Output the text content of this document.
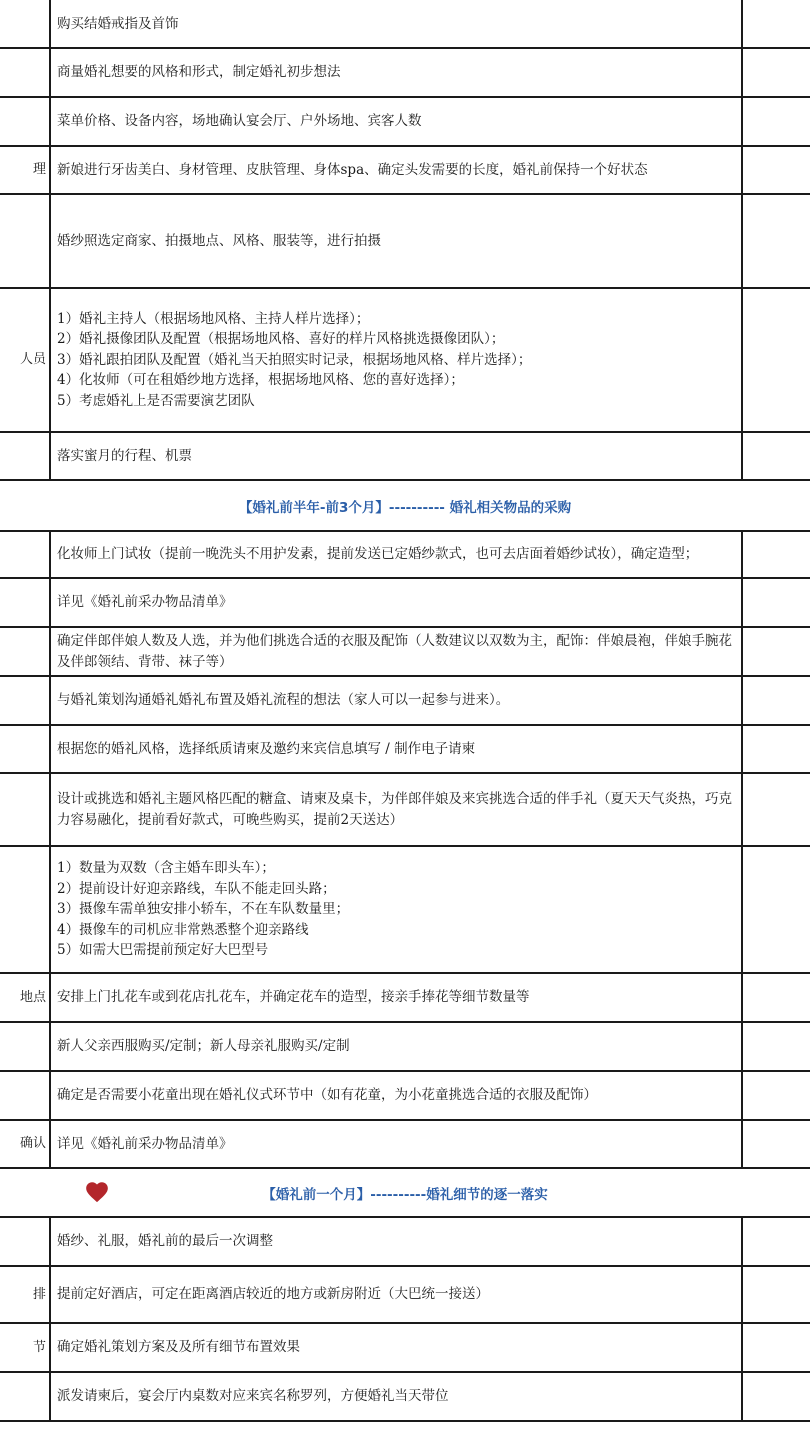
购买结婚戒指及首饰
商量婚礼想要的风格和形式，制定婚礼初步想法
菜单价格、设备内容，场地确认宴会厅、户外场地、宾客人数
新娘进行牙齿美白、身材管理、皮肤管理、身体spa、确定头发需要的长度，婚礼前保持一个好状态
理
婚纱照选定商家、拍摄地点、风格、服装等，进行拍摄
1）婚礼主持人（根据场地风格、主持人样片选择）；
2）婚礼摄像团队及配置（根据场地风格、喜好的样片风格挑选摄像团队）；
3）婚礼跟拍团队及配置（婚礼当天拍照实时记录，根据场地风格、样片选择）；
4）化妆师（可在租婚纱地方选择，根据场地风格、您的喜好选择）；
5）考虑婚礼上是否需要演艺团队
人员
落实蜜月的行程、机票
【婚礼前半年-前3个月】---------- 婚礼相关物品的采购
化妆师上门试妆（提前一晚洗头不用护发素，提前发送已定婚纱款式，也可去店面着婚纱试妆），确定造型；
详见《婚礼前采办物品清单》
确定伴郎伴娘人数及人选，并为他们挑选合适的衣服及配饰（人数建议以双数为主，配饰：伴娘晨袍，伴娘手腕花及伴郎领结、背带、袜子等）
与婚礼策划沟通婚礼婚礼布置及婚礼流程的想法（家人可以一起参与进来）。
根据您的婚礼风格，选择纸质请柬及邀约来宾信息填写 / 制作电子请柬
设计或挑选和婚礼主题风格匹配的糖盒、请柬及桌卡，为伴郎伴娘及来宾挑选合适的伴手礼（夏天天气炎热，巧克力容易融化，提前看好款式，可晚些购买，提前2天送达）
1）数量为双数（含主婚车即头车）；
2）提前设计好迎亲路线，车队不能走回头路；
3）摄像车需单独安排小轿车，不在车队数量里；
4）摄像车的司机应非常熟悉整个迎亲路线
5）如需大巴需提前预定好大巴型号
安排上门扎花车或到花店扎花车，并确定花车的造型，接亲手捧花等细节数量等
地点
新人父亲西服购买/定制；新人母亲礼服购买/定制
确定是否需要小花童出现在婚礼仪式环节中（如有花童，为小花童挑选合适的衣服及配饰）
详见《婚礼前采办物品清单》
确认
【婚礼前一个月】----------婚礼细节的逐一落实
婚纱、礼服，婚礼前的最后一次调整
提前定好酒店，可定在距离酒店较近的地方或新房附近（大巴统一接送）
排
确定婚礼策划方案及及所有细节布置效果
节
派发请柬后，宴会厅内桌数对应来宾名称罗列，方便婚礼当天带位
